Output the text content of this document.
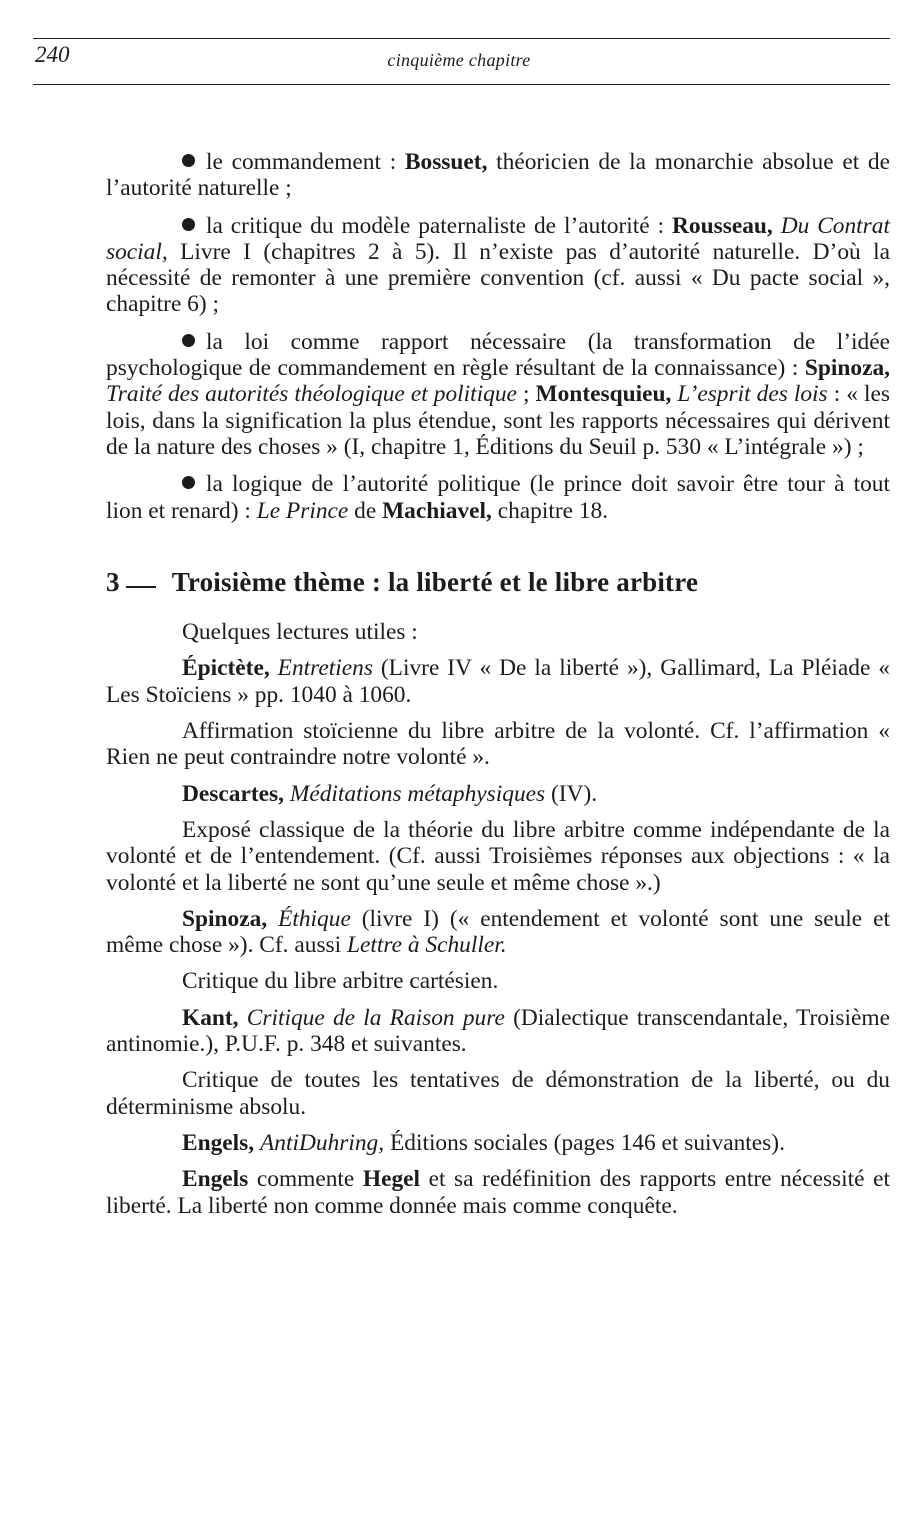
240	cinquième chapitre

le commandement : Bossuet, théoricien de la monarchie absolue et de l’autorité naturelle ;

la critique du modèle paternaliste de l’autorité : Rousseau, Du Contrat social, Livre I (chapitres 2 à 5). Il n’existe pas d’autorité naturelle. D’où la nécessité de remonter à une première convention (cf. aussi « Du pacte social », chapitre 6) ;

la loi comme rapport nécessaire (la transformation de l’idée psychologique de commandement en règle résultant de la connaissance) : Spinoza, Traité des autorités théologique et politique ; Montesquieu, L’esprit des lois : « les lois, dans la signification la plus étendue, sont les rapports nécessaires qui dérivent de la nature des choses » (I, chapitre 1, Éditions du Seuil p. 530 « L’intégrale ») ;

la logique de l’autorité politique (le prince doit savoir être tour à tout lion et renard) : Le Prince de Machiavel, chapitre 18.

3 Troisième thème : la liberté et le libre arbitre

Quelques lectures utiles :

Épictète, Entretiens (Livre IV « De la liberté »), Gallimard, La Pléiade « Les Stoïciens » pp. 1040 à 1060.

Affirmation stoïcienne du libre arbitre de la volonté. Cf. l’affirmation « Rien ne peut contraindre notre volonté ».

Descartes, Méditations métaphysiques (IV).

Exposé classique de la théorie du libre arbitre comme indépendante de la volonté et de l’entendement. (Cf. aussi Troisièmes réponses aux objections : « la volonté et la liberté ne sont qu’une seule et même chose ».)

Spinoza, Éthique (livre I) (« entendement et volonté sont une seule et même chose »). Cf. aussi Lettre à Schuller.

Critique du libre arbitre cartésien.

Kant, Critique de la Raison pure (Dialectique transcendantale, Troisième antinomie.), P.U.F. p. 348 et suivantes.

Critique de toutes les tentatives de démonstration de la liberté, ou du déterminisme absolu.

Engels, AntiDuhring, Éditions sociales (pages 146 et suivantes).

Engels commente Hegel et sa redéfinition des rapports entre nécessité et liberté. La liberté non comme donnée mais comme conquête.
